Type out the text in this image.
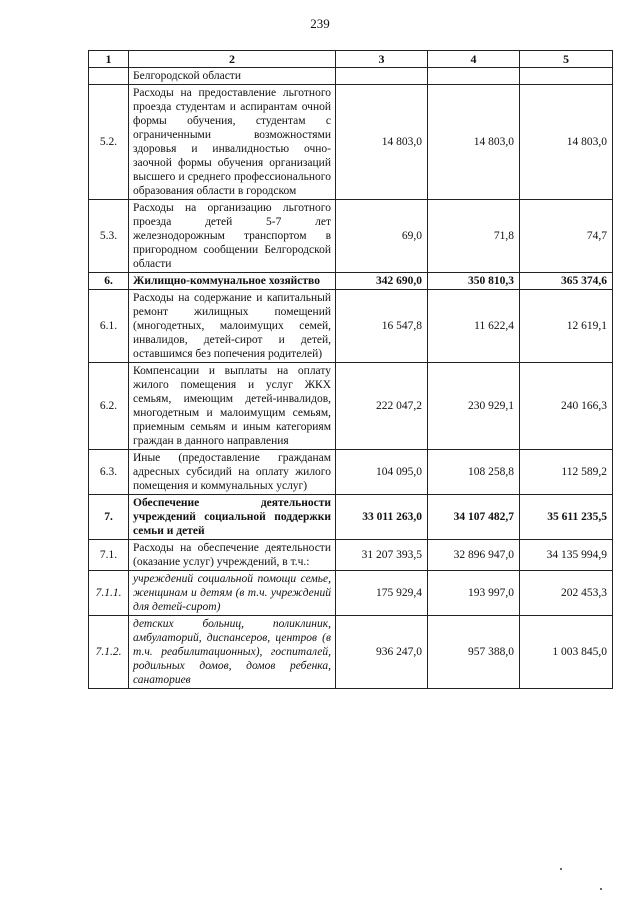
239
1	2	3	4	5
	Белгородской области			
5.2.	Расходы на предоставление льготного проезда студентам и аспирантам очной формы обучения, студентам с ограниченными возможностями здоровья и инвалидностью очно-заочной формы обучения организаций высшего и среднего профессионального образования области в городском	14 803,0	14 803,0	14 803,0
5.3.	Расходы на организацию льготного проезда детей 5-7 лет железнодорожным транспортом в пригородном сообщении Белгородской области	69,0	71,8	74,7
6.	Жилищно-коммунальное хозяйство	342 690,0	350 810,3	365 374,6
6.1.	Расходы на содержание и капитальный ремонт жилищных помещений (многодетных, малоимущих семей, инвалидов, детей-сирот и детей, оставшимся без попечения родителей)	16 547,8	11 622,4	12 619,1
6.2.	Компенсации и выплаты на оплату жилого помещения и услуг ЖКХ семьям, имеющим детей-инвалидов, многодетным и малоимущим семьям, приемным семьям и иным категориям граждан в данного направления	222 047,2	230 929,1	240 166,3
6.3.	Иные (предоставление гражданам адресных субсидий на оплату жилого помещения и коммунальных услуг)	104 095,0	108 258,8	112 589,2
7.	Обеспечение деятельности учреждений социальной поддержки семьи и детей	33 011 263,0	34 107 482,7	35 611 235,5
7.1.	Расходы на обеспечение деятельности (оказание услуг) учреждений, в т.ч.:	31 207 393,5	32 896 947,0	34 135 994,9
7.1.1.	учреждений социальной помощи семье, женщинам и детям (в т.ч. учреждений для детей-сирот)	175 929,4	193 997,0	202 453,3
7.1.2.	детских больниц, поликлиник, амбулаторий, диспансеров, центров (в т.ч. реабилитационных), госпиталей, родильных домов, домов ребенка, санаториев	936 247,0	957 388,0	1 003 845,0
